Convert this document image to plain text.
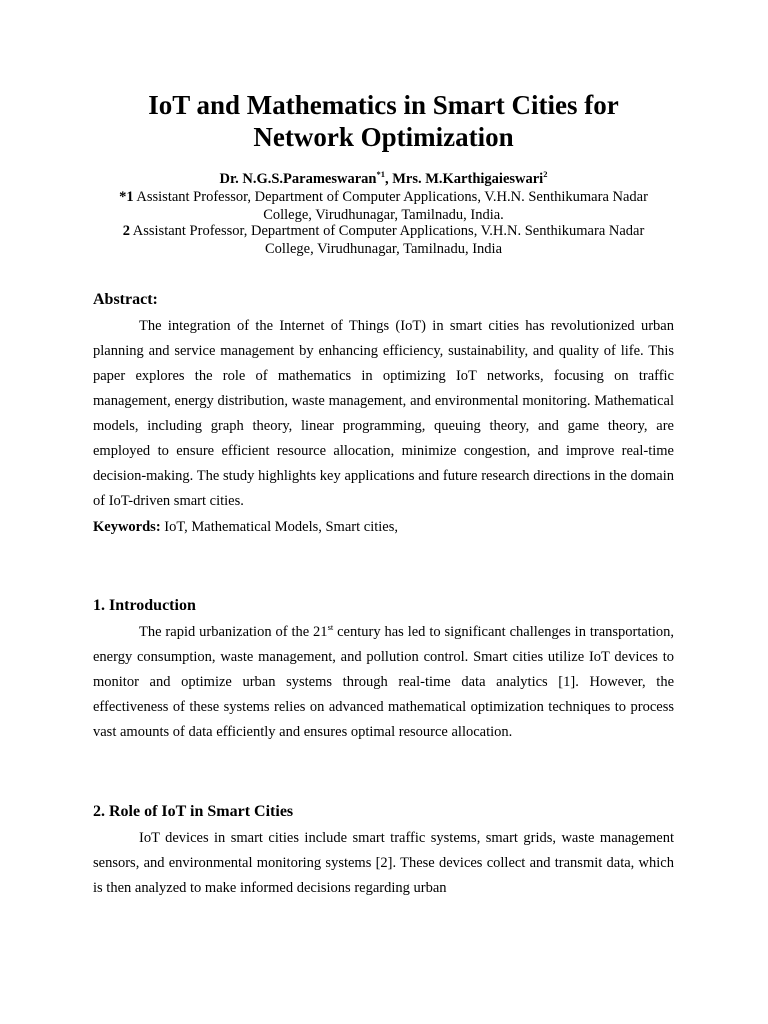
IoT and Mathematics in Smart Cities for
Network Optimization

Dr. N.G.S.Parameswaran$^{*1}$, Mrs. M.Karthigaieswari$^2$

*1 Assistant Professor, Department of Computer Applications, V.H.N. Senthikumara Nadar
College, Virudhunagar, Tamilnadu, India.

2 Assistant Professor, Department of Computer Applications, V.H.N. Senthikumara Nadar
College, Virudhunagar, Tamilnadu, India

Abstract:

The integration of the Internet of Things (IoT) in smart cities has revolutionized urban planning and service management by enhancing efficiency, sustainability, and quality of life. This paper explores the role of mathematics in optimizing IoT networks, focusing on traffic management, energy distribution, waste management, and environmental monitoring. Mathematical models, including graph theory, linear programming, queuing theory, and game theory, are employed to ensure efficient resource allocation, minimize congestion, and improve real-time decision-making. The study highlights key applications and future research directions in the domain of IoT-driven smart cities.

Keywords: IoT, Mathematical Models, Smart cities,

1. Introduction

The rapid urbanization of the 21st century has led to significant challenges in transportation, energy consumption, waste management, and pollution control. Smart cities utilize IoT devices to monitor and optimize urban systems through real-time data analytics [1]. However, the effectiveness of these systems relies on advanced mathematical optimization techniques to process vast amounts of data efficiently and ensures optimal resource allocation.

2. Role of IoT in Smart Cities

IoT devices in smart cities include smart traffic systems, smart grids, waste management sensors, and environmental monitoring systems [2]. These devices collect and transmit data, which is then analyzed to make informed decisions regarding urban
